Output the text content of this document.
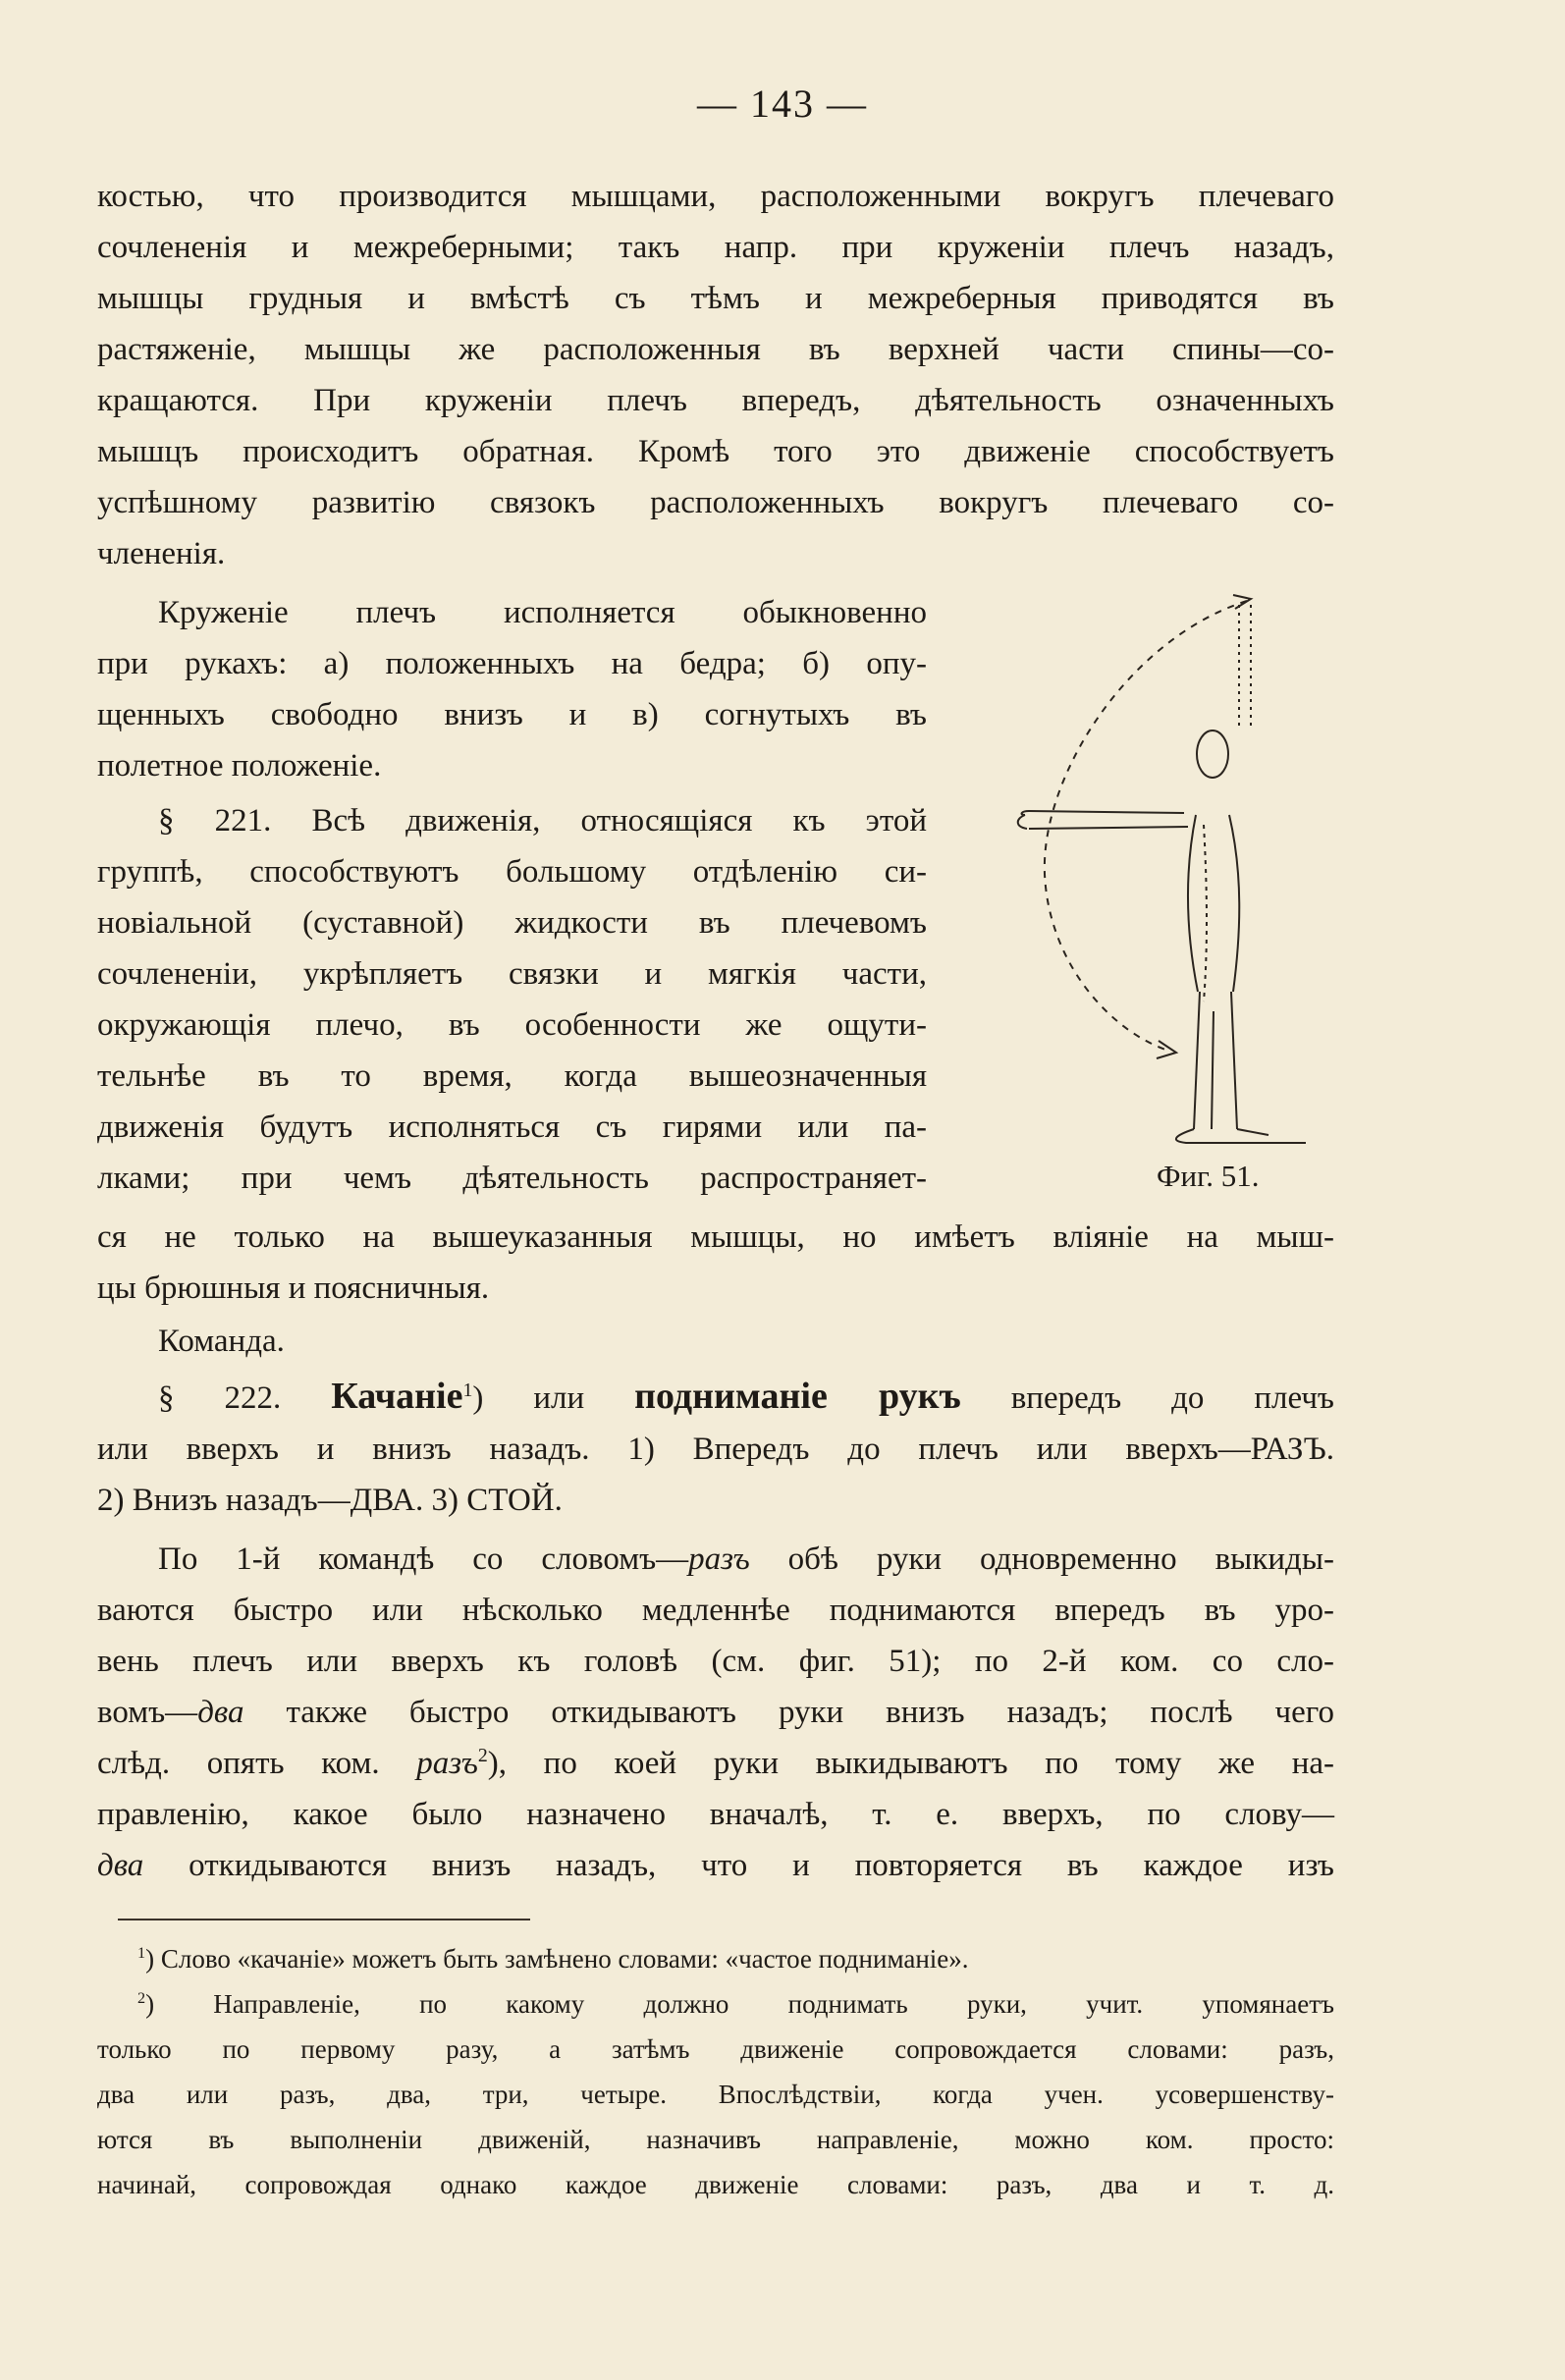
— 143 —
костью, что производится мышцами, расположенными вокругъ плечеваго
сочлененія и межреберными; такъ напр. при круженіи плечъ назадъ,
мышцы грудныя и вмѣстѣ съ тѣмъ и межреберныя приводятся въ
растяженіе, мышцы же расположенныя въ верхней части спины—со-
кращаются. При круженіи плечъ впередъ, дѣятельность означенныхъ
мышцъ происходитъ обратная. Кромѣ того это движеніе способствуетъ
успѣшному развитію связокъ расположенныхъ вокругъ плечеваго со-
члененія.
Круженіе плечъ исполняется обыкновенно
при рукахъ: а) положенныхъ на бедра; б) опу-
щенныхъ свободно внизъ и в) согнутыхъ въ
полетное положеніе.
§ 221. Всѣ движенія, относящіяся къ этой
группѣ, способствуютъ большому отдѣленію си-
новіальной (суставной) жидкости въ плечевомъ
сочлененіи, укрѣпляетъ связки и мягкія части,
окружающія плечо, въ особенности же ощути-
тельнѣе въ то время, когда вышеозначенныя
движенія будутъ исполняться съ гирями или па-
лками; при чемъ дѣятельность распространяет-	Фиг. 51.
ся не только на вышеуказанныя мышцы, но имѣетъ вліяніе на мыш-
цы брюшныя и поясничныя.
Команда.
§ 222. Качаніе$^1$) или подниманіе рукъ впередъ до плечъ
или вверхъ и внизъ назадъ. 1) Впередъ до плечъ или вверхъ—РАЗЪ.
2) Внизъ назадъ—ДВА. 3) СТОЙ.
По 1-й командѣ со словомъ—разъ обѣ руки одновременно выкиды-
ваются быстро или нѣсколько медленнѣе поднимаются впередъ въ уро-
вень плечъ или вверхъ къ головѣ (см. фиг. 51); по 2-й ком. со сло-
вомъ—два также быстро откидываютъ руки внизъ назадъ; послѣ чего
слѣд. опять ком. разъ$^2$), по коей руки выкидываютъ по тому же на-
правленію, какое было назначено вначалѣ, т. е. вверхъ, по слову—
два откидываются внизъ назадъ, что и повторяется въ каждое изъ
$^1$) Слово «качаніе» можетъ быть замѣнено словами: «частое подниманіе».
$^2$) Направленіе, по какому должно поднимать руки, учит. упомянаетъ
только по первому разу, а затѣмъ движеніе сопровождается словами: разъ,
два или разъ, два, три, четыре. Впослѣдствіи, когда учен. усовершенству-
ются въ выполненіи движеній, назначивъ направленіе, можно ком. просто:
начинай, сопровождая однако каждое движеніе словами: разъ, два и т. д.
